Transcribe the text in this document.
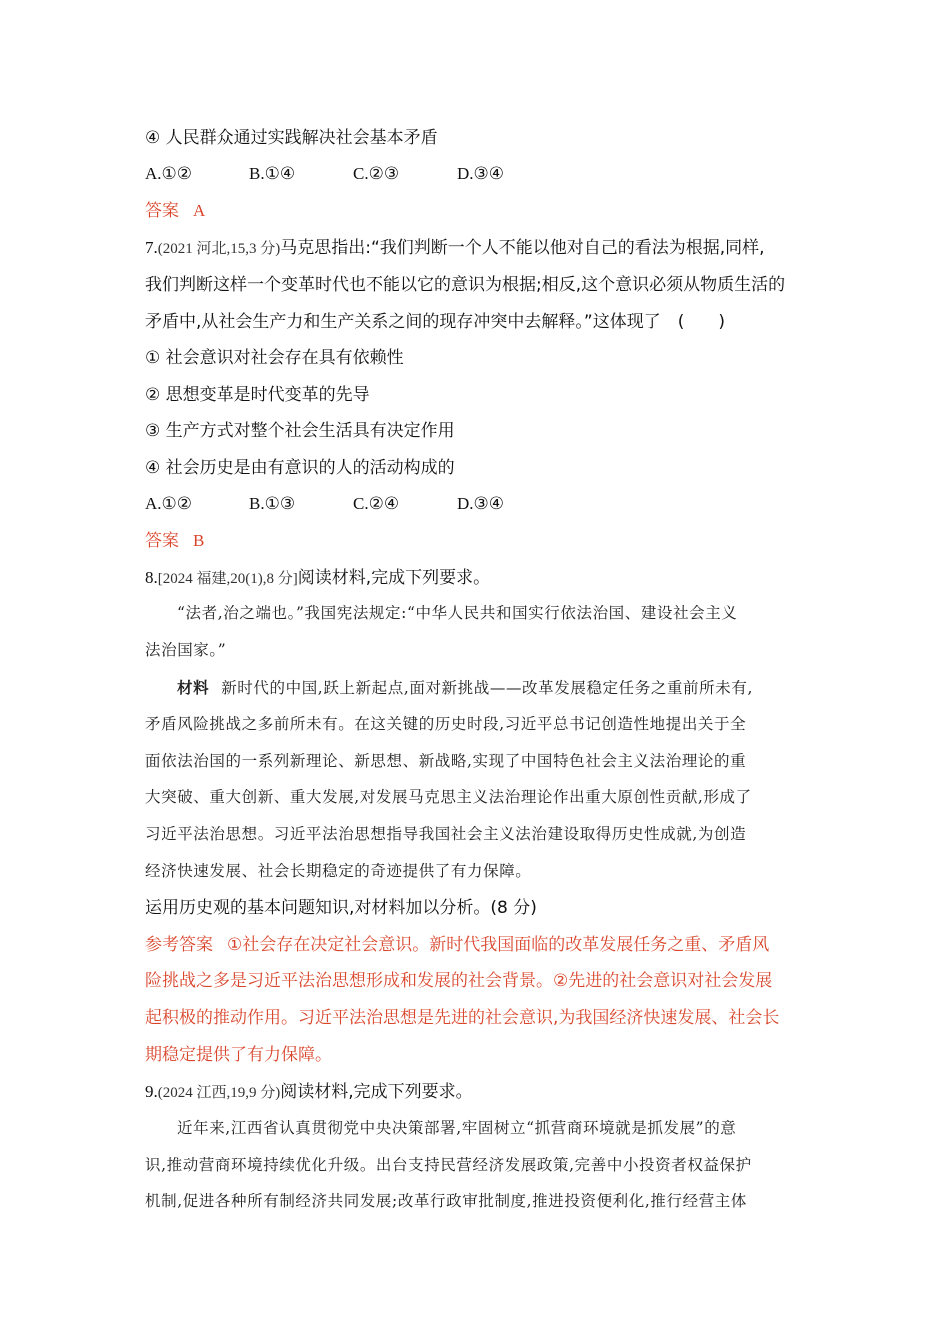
④ 人民群众通过实践解决社会基本矛盾
A.①②	B.①④	C.②③	D.③④
答案 A
7.(2021 河北,15,3 分)马克思指出:“我们判断一个人不能以他对自己的看法为根据,同样,
我们判断这样一个变革时代也不能以它的意识为根据;相反,这个意识必须从物质生活的
矛盾中,从社会生产力和生产关系之间的现存冲突中去解释。”这体现了　(　　)
① 社会意识对社会存在具有依赖性
② 思想变革是时代变革的先导
③ 生产方式对整个社会生活具有决定作用
④ 社会历史是由有意识的人的活动构成的
A.①②	B.①③	C.②④	D.③④
答案 B
8.[2024 福建,20(1),8 分]阅读材料,完成下列要求。
“法者,治之端也。”我国宪法规定:“中华人民共和国实行依法治国、建设社会主义
法治国家。”
材料 新时代的中国,跃上新起点,面对新挑战——改革发展稳定任务之重前所未有,
矛盾风险挑战之多前所未有。在这关键的历史时段,习近平总书记创造性地提出关于全
面依法治国的一系列新理论、新思想、新战略,实现了中国特色社会主义法治理论的重
大突破、重大创新、重大发展,对发展马克思主义法治理论作出重大原创性贡献,形成了
习近平法治思想。习近平法治思想指导我国社会主义法治建设取得历史性成就,为创造
经济快速发展、社会长期稳定的奇迹提供了有力保障。
运用历史观的基本问题知识,对材料加以分析。(8 分)
参考答案 ①社会存在决定社会意识。新时代我国面临的改革发展任务之重、矛盾风
险挑战之多是习近平法治思想形成和发展的社会背景。②先进的社会意识对社会发展
起积极的推动作用。习近平法治思想是先进的社会意识,为我国经济快速发展、社会长
期稳定提供了有力保障。
9.(2024 江西,19,9 分)阅读材料,完成下列要求。
近年来,江西省认真贯彻党中央决策部署,牢固树立“抓营商环境就是抓发展”的意
识,推动营商环境持续优化升级。出台支持民营经济发展政策,完善中小投资者权益保护
机制,促进各种所有制经济共同发展;改革行政审批制度,推进投资便利化,推行经营主体
